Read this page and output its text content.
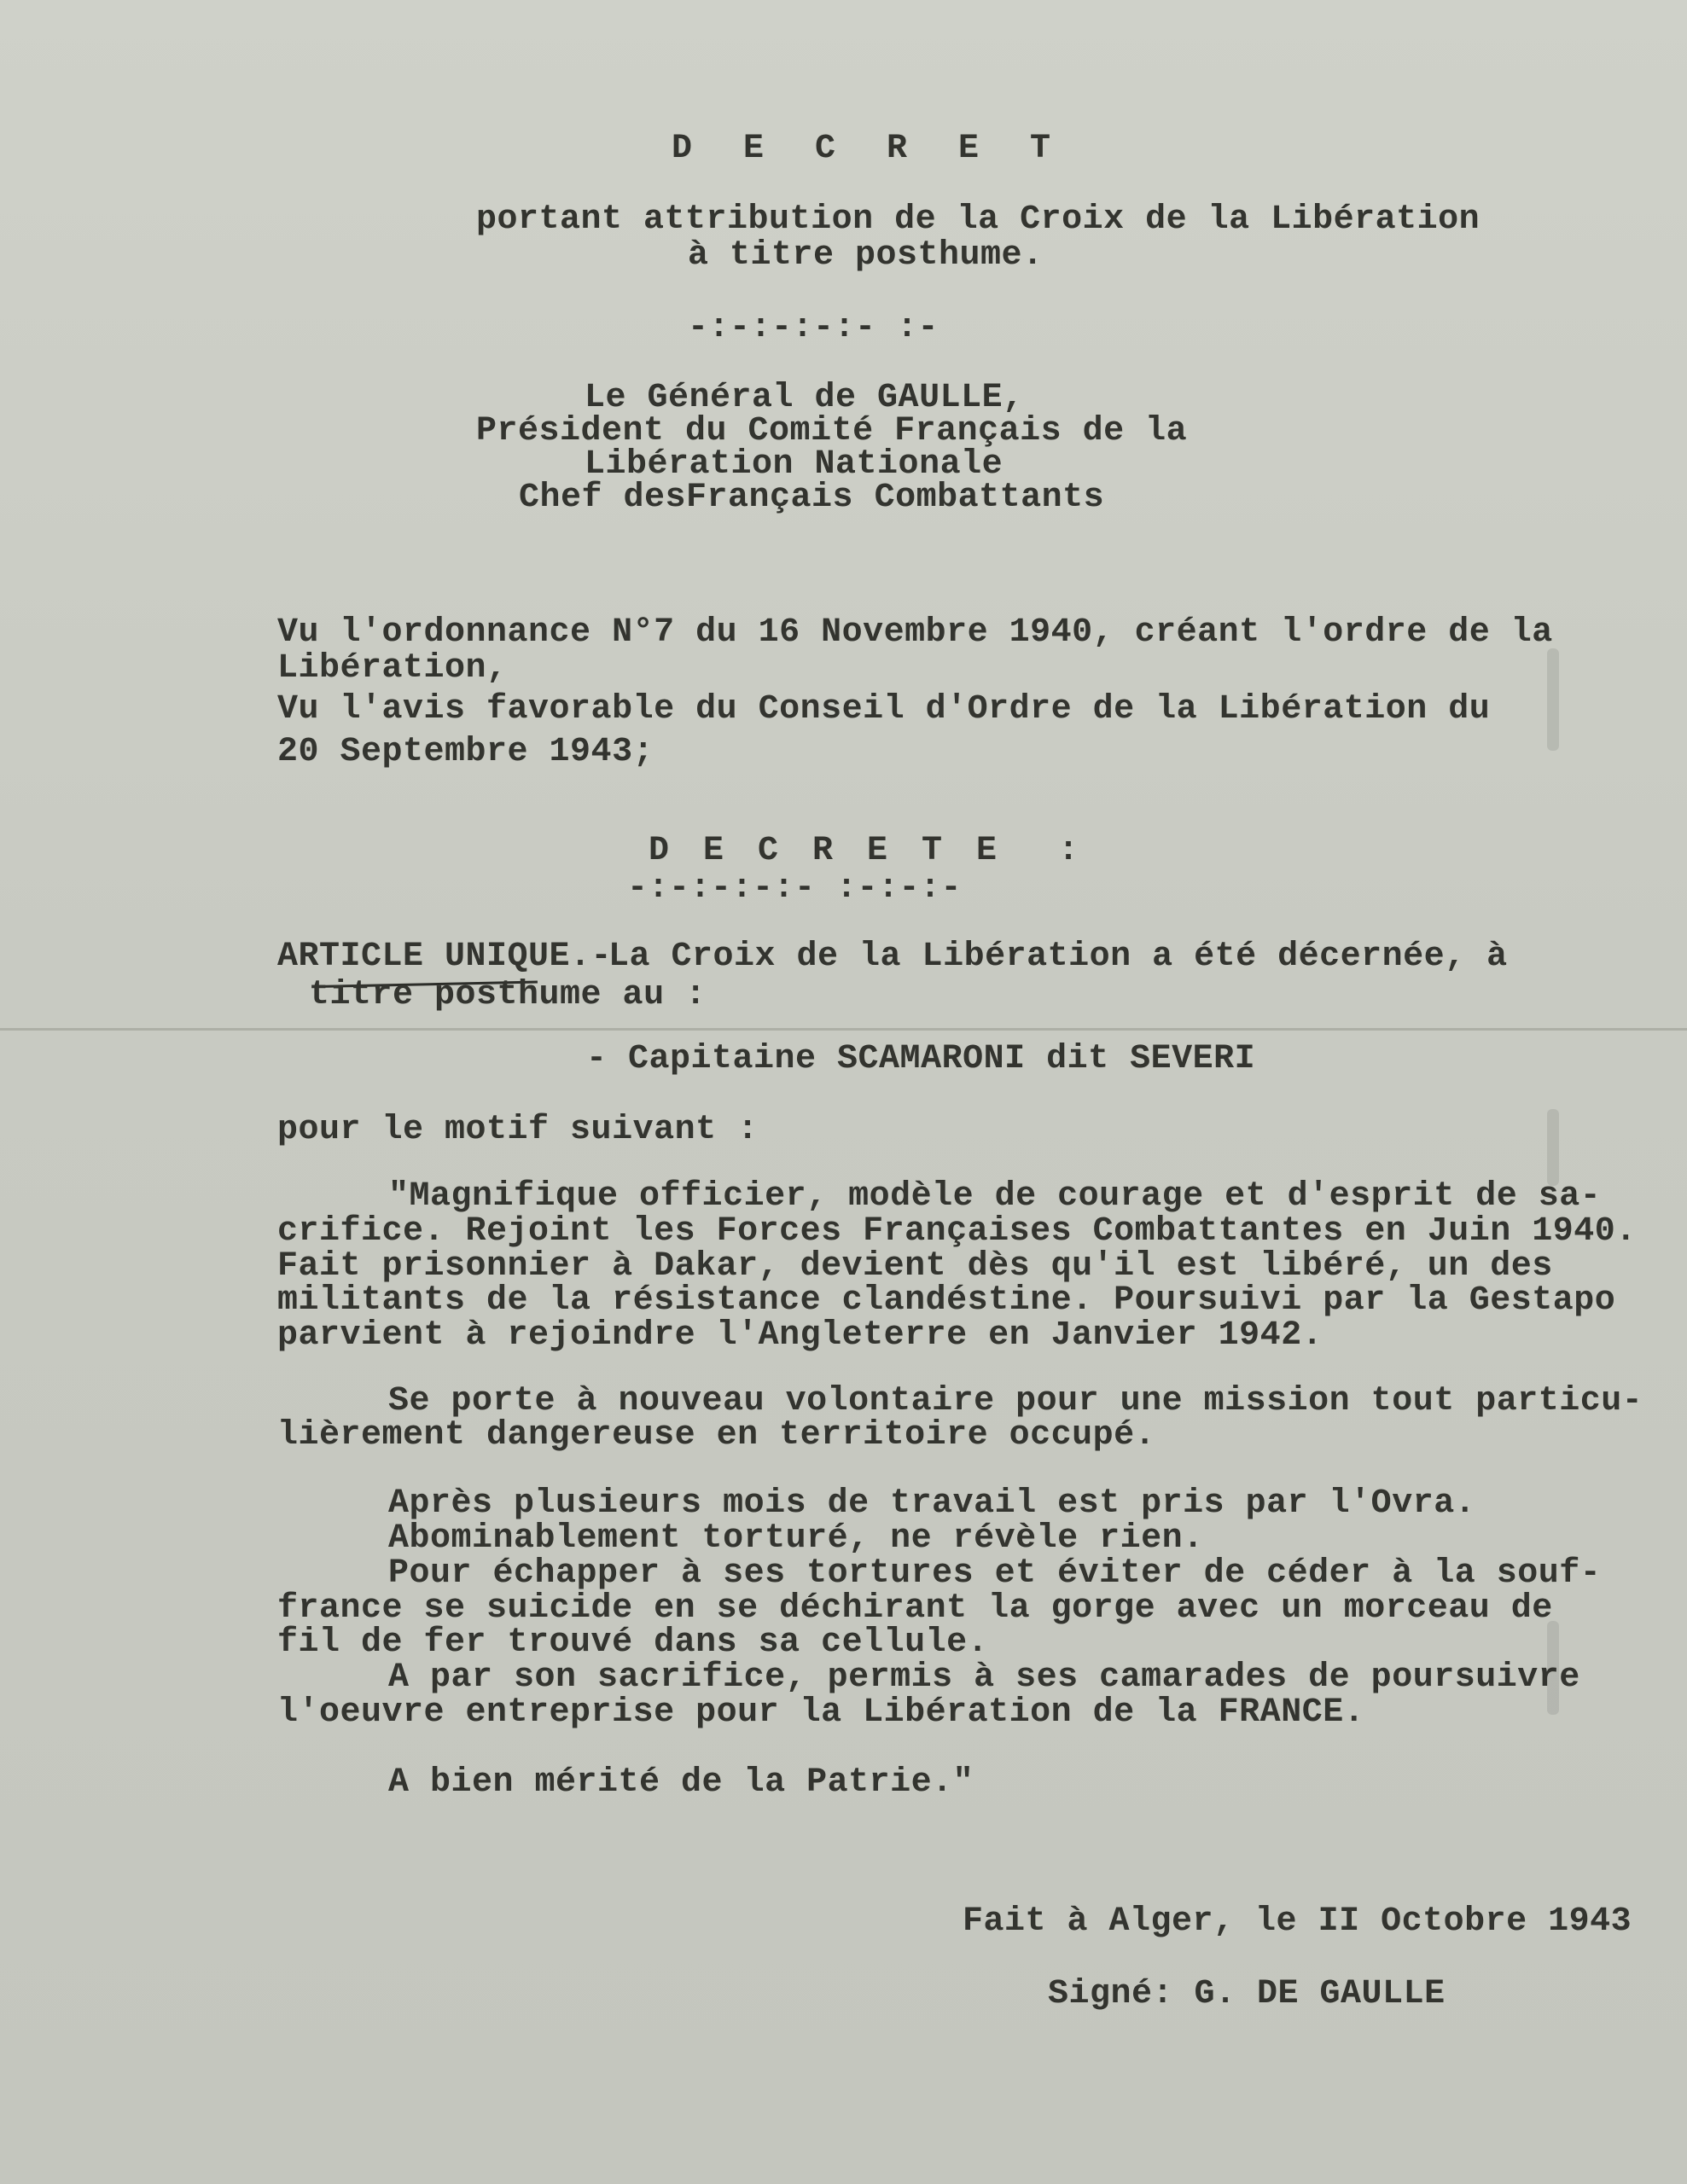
D E C R E T
portant attribution de la Croix de la Libération
à titre posthume.
-:-:-:-:- :-
Le Général de GAULLE,
Président du Comité Français de la
Libération Nationale
Chef desFrançais Combattants
Vu l'ordonnance N°7 du 16 Novembre 1940, créant l'ordre de la
Libération,
Vu l'avis favorable du Conseil d'Ordre de la Libération du
20 Septembre 1943;
D E C R E T E  :
-:-:-:-:- :-:-:-
ARTICLE UNIQUE.-
La Croix de la Libération a été décernée, à
titre posthume au :
- Capitaine SCAMARONI dit SEVERI
pour le motif suivant :
"Magnifique officier, modèle de courage et d'esprit de sa-
crifice. Rejoint les Forces Françaises Combattantes en Juin 1940.
Fait prisonnier à Dakar, devient dès qu'il est libéré, un des
militants de la résistance clandéstine. Poursuivi par la Gestapo
parvient à rejoindre l'Angleterre en Janvier 1942.
Se porte à nouveau volontaire pour une mission tout particu-
lièrement dangereuse en territoire occupé.
Après plusieurs mois de travail est pris par l'Ovra.
Abominablement torturé, ne révèle rien.
Pour échapper à ses tortures et éviter de céder à la souf-
france se suicide en se déchirant la gorge avec un morceau de
fil de fer trouvé dans sa cellule.
A par son sacrifice, permis à ses camarades de poursuivre
l'oeuvre entreprise pour la Libération de la FRANCE.
A bien mérité de la Patrie."
Fait à Alger, le II Octobre 1943
Signé: G. DE GAULLE
